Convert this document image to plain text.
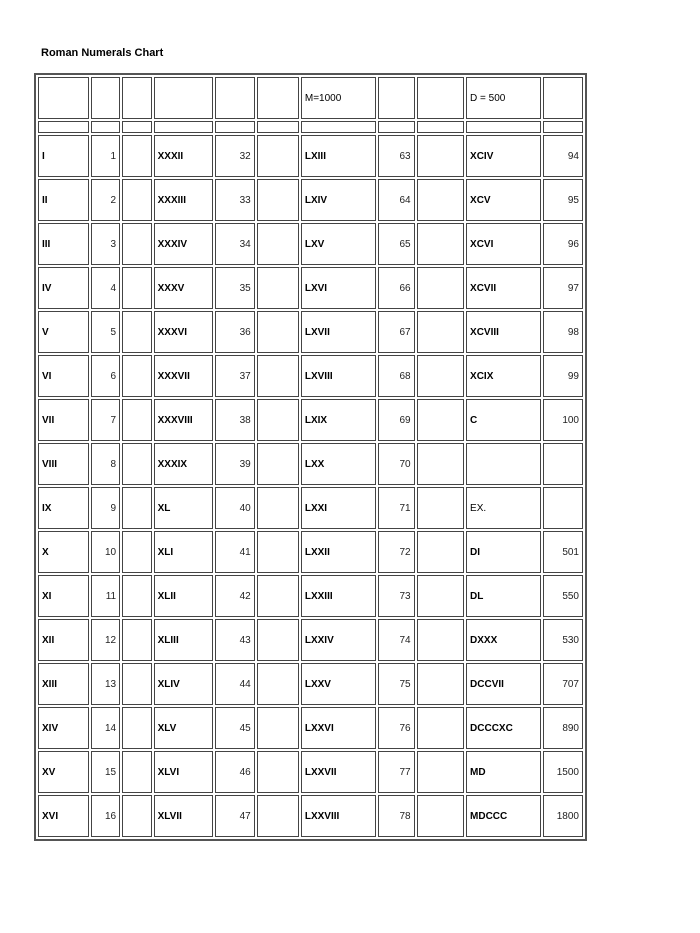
Roman Numerals Chart
						M=1000			D = 500	

I	1		XXXII	32		LXIII	63		XCIV	94
II	2		XXXIII	33		LXIV	64		XCV	95
III	3		XXXIV	34		LXV	65		XCVI	96
IV	4		XXXV	35		LXVI	66		XCVII	97
V	5		XXXVI	36		LXVII	67		XCVIII	98
VI	6		XXXVII	37		LXVIII	68		XCIX	99
VII	7		XXXVIII	38		LXIX	69		C	100
VIII	8		XXXIX	39		LXX	70			
IX	9		XL	40		LXXI	71		EX.	
X	10		XLI	41		LXXII	72		DI	501
XI	11		XLII	42		LXXIII	73		DL	550
XII	12		XLIII	43		LXXIV	74		DXXX	530
XIII	13		XLIV	44		LXXV	75		DCCVII	707
XIV	14		XLV	45		LXXVI	76		DCCCXC	890
XV	15		XLVI	46		LXXVII	77		MD	1500
XVI	16		XLVII	47		LXXVIII	78		MDCCC	1800
